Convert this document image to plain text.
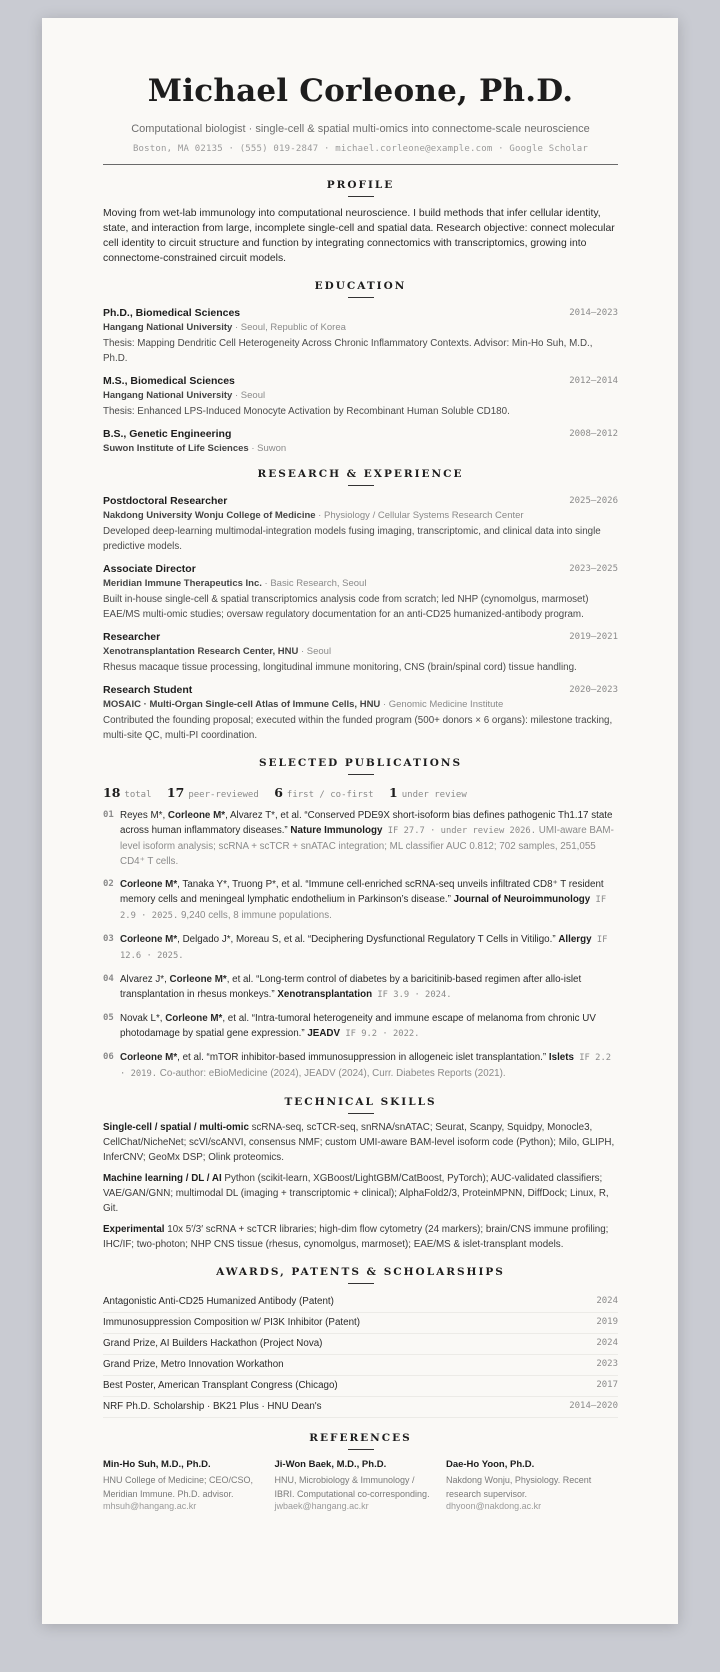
Michael Corleone, Ph.D.
Computational biologist · single-cell & spatial multi-omics into connectome-scale neuroscience
Boston, MA 02135 · (555) 019-2847 · michael.corleone@example.com · Google Scholar
PROFILE
Moving from wet-lab immunology into computational neuroscience. I build methods that infer cellular identity, state, and interaction from large, incomplete single-cell and spatial data. Research objective: connect molecular cell identity to circuit structure and function by integrating connectomics with transcriptomics, growing into connectome-constrained circuit models.
EDUCATION
Ph.D., Biomedical Sciences	2014–2023
Hangang National University · Seoul, Republic of Korea
Thesis: Mapping Dendritic Cell Heterogeneity Across Chronic Inflammatory Contexts. Advisor: Min-Ho Suh, M.D., Ph.D.
M.S., Biomedical Sciences	2012–2014
Hangang National University · Seoul
Thesis: Enhanced LPS-Induced Monocyte Activation by Recombinant Human Soluble CD180.
B.S., Genetic Engineering	2008–2012
Suwon Institute of Life Sciences · Suwon
RESEARCH & EXPERIENCE
Postdoctoral Researcher	2025–2026
Nakdong University Wonju College of Medicine · Physiology / Cellular Systems Research Center
Developed deep-learning multimodal-integration models fusing imaging, transcriptomic, and clinical data into single predictive models.
Associate Director	2023–2025
Meridian Immune Therapeutics Inc. · Basic Research, Seoul
Built in-house single-cell & spatial transcriptomics analysis code from scratch; led NHP (cynomolgus, marmoset) EAE/MS multi-omic studies; oversaw regulatory documentation for an anti-CD25 humanized-antibody program.
Researcher	2019–2021
Xenotransplantation Research Center, HNU · Seoul
Rhesus macaque tissue processing, longitudinal immune monitoring, CNS (brain/spinal cord) tissue handling.
Research Student	2020–2023
MOSAIC · Multi-Organ Single-cell Atlas of Immune Cells, HNU · Genomic Medicine Institute
Contributed the founding proposal; executed within the funded program (500+ donors × 6 organs): milestone tracking, multi-site QC, multi-PI coordination.
SELECTED PUBLICATIONS
18 total 17 peer-reviewed 6 first / co-first 1 under review
01 Reyes M*, Corleone M*, Alvarez T*, et al. “Conserved PDE9X short-isoform bias defines pathogenic Th1.17 state across human inflammatory diseases.” Nature Immunology IF 27.7 · under review 2026. UMI-aware BAM-level isoform analysis; scRNA + scTCR + snATAC integration; ML classifier AUC 0.812; 702 samples, 251,055 CD4⁺ T cells.
02 Corleone M*, Tanaka Y*, Truong P*, et al. “Immune cell-enriched scRNA-seq unveils infiltrated CD8⁺ T resident memory cells and meningeal lymphatic endothelium in Parkinson’s disease.” Journal of Neuroimmunology IF 2.9 · 2025. 9,240 cells, 8 immune populations.
03 Corleone M*, Delgado J*, Moreau S, et al. “Deciphering Dysfunctional Regulatory T Cells in Vitiligo.” Allergy IF 12.6 · 2025.
04 Alvarez J*, Corleone M*, et al. “Long-term control of diabetes by a baricitinib-based regimen after allo-islet transplantation in rhesus monkeys.” Xenotransplantation IF 3.9 · 2024.
05 Novak L*, Corleone M*, et al. “Intra-tumoral heterogeneity and immune escape of melanoma from chronic UV photodamage by spatial gene expression.” JEADV IF 9.2 · 2022.
06 Corleone M*, et al. “mTOR inhibitor-based immunosuppression in allogeneic islet transplantation.” Islets IF 2.2 · 2019. Co-author: eBioMedicine (2024), JEADV (2024), Curr. Diabetes Reports (2021).
TECHNICAL SKILLS
Single-cell / spatial / multi-omic scRNA-seq, scTCR-seq, snRNA/snATAC; Seurat, Scanpy, Squidpy, Monocle3, CellChat/NicheNet; scVI/scANVI, consensus NMF; custom UMI-aware BAM-level isoform code (Python); Milo, GLIPH, InferCNV; GeoMx DSP; Olink proteomics.
Machine learning / DL / AI Python (scikit-learn, XGBoost/LightGBM/CatBoost, PyTorch); AUC-validated classifiers; VAE/GAN/GNN; multimodal DL (imaging + transcriptomic + clinical); AlphaFold2/3, ProteinMPNN, DiffDock; Linux, R, Git.
Experimental 10x 5′/3′ scRNA + scTCR libraries; high-dim flow cytometry (24 markers); brain/CNS immune profiling; IHC/IF; two-photon; NHP CNS tissue (rhesus, cynomolgus, marmoset); EAE/MS & islet-transplant models.
AWARDS, PATENTS & SCHOLARSHIPS
Antagonistic Anti-CD25 Humanized Antibody (Patent)	2024
Immunosuppression Composition w/ PI3K Inhibitor (Patent)	2019
Grand Prize, AI Builders Hackathon (Project Nova)	2024
Grand Prize, Metro Innovation Workathon	2023
Best Poster, American Transplant Congress (Chicago)	2017
NRF Ph.D. Scholarship · BK21 Plus · HNU Dean's	2014–2020
REFERENCES
Min-Ho Suh, M.D., Ph.D.
HNU College of Medicine; CEO/CSO, Meridian Immune. Ph.D. advisor.
mhsuh@hangang.ac.kr
Ji-Won Baek, M.D., Ph.D.
HNU, Microbiology & Immunology / IBRI. Computational co-corresponding.
jwbaek@hangang.ac.kr
Dae-Ho Yoon, Ph.D.
Nakdong Wonju, Physiology. Recent research supervisor.
dhyoon@nakdong.ac.kr
